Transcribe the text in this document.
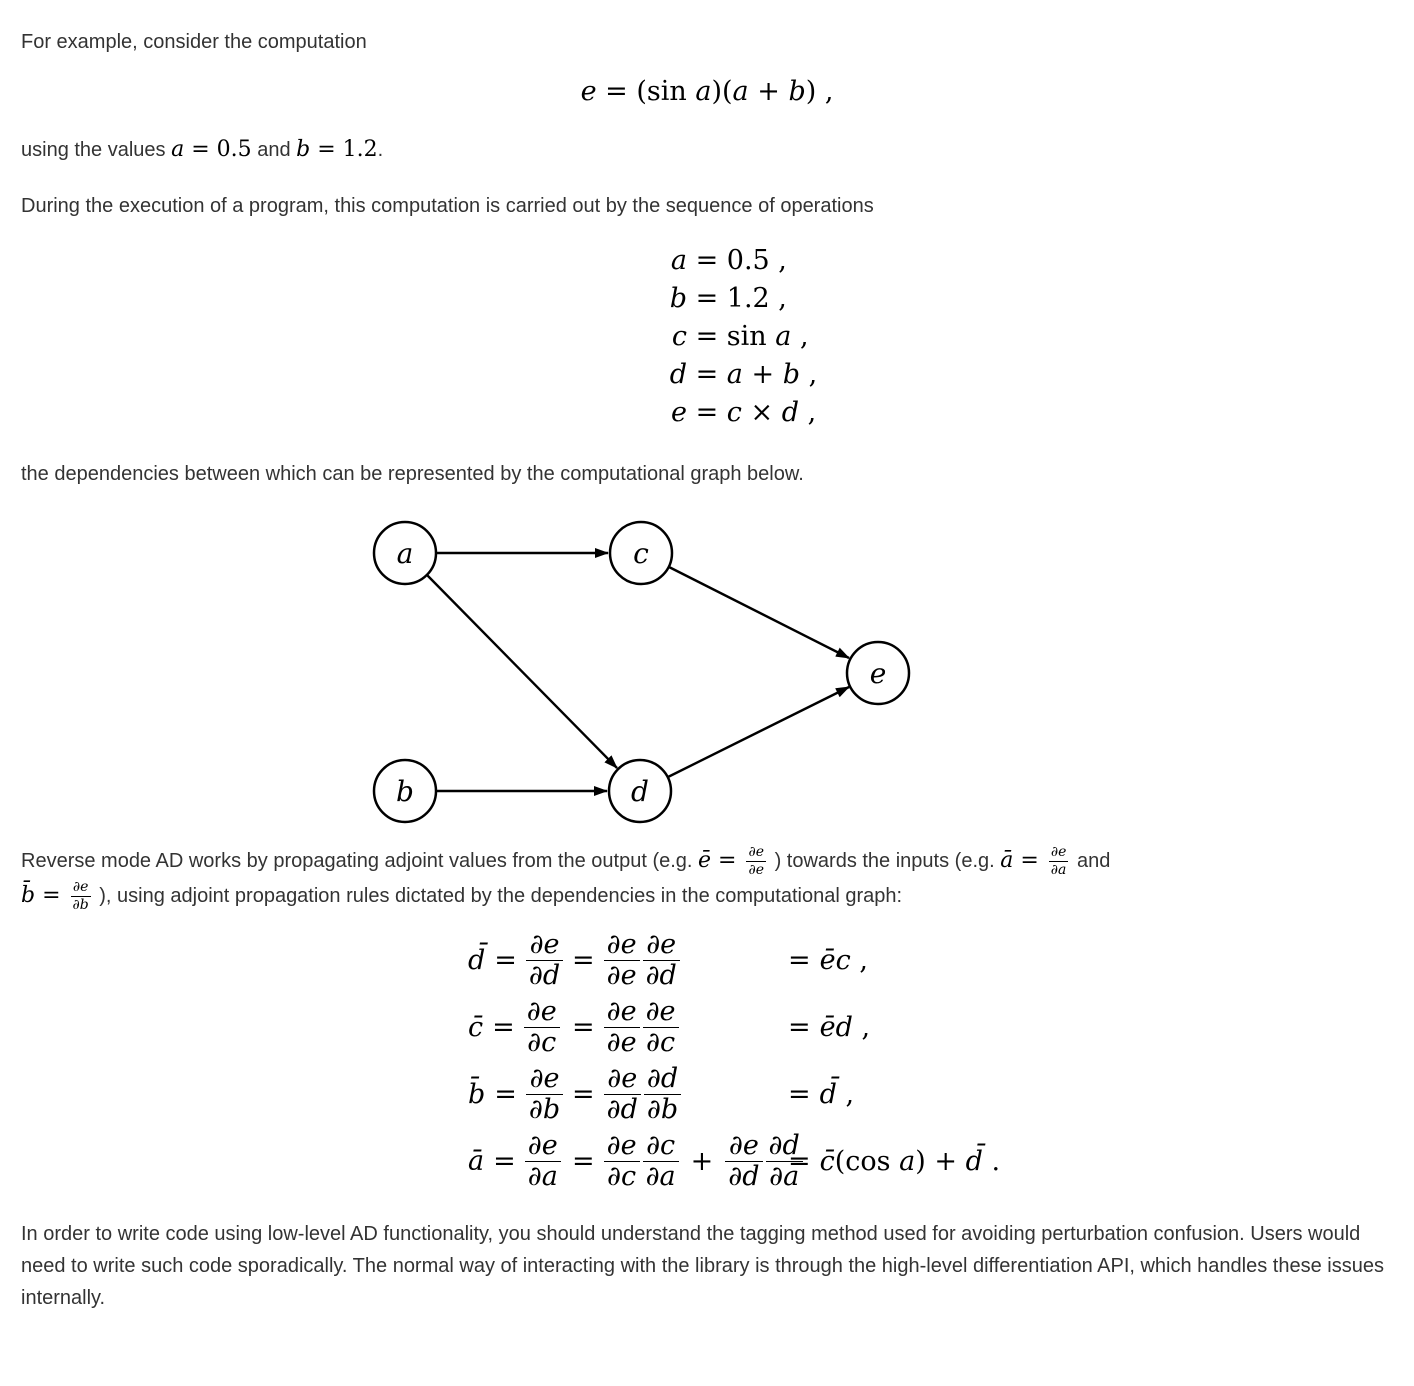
For example, consider the computation

e = (sin a)(a + b) ,

using the values a = 0.5 and b = 1.2.

During the execution of a program, this computation is carried out by the sequence of operations

a = 0.5 ,
b = 1.2 ,
c = sin a ,
d = a + b ,
e = c × d ,

the dependencies between which can be represented by the computational graph below.

a	c
e
b	d

Reverse mode AD works by propagating adjoint values from the output (e.g. ē = $\frac{\partial e}{\partial e}$ ) towards the inputs (e.g. ā = $\frac{\partial e}{\partial a}$ and
b̄ = $\frac{\partial e}{\partial b}$ ), using adjoint propagation rules dictated by the dependencies in the computational graph:

d̄ = $\frac{\partial e}{\partial d} = \frac{\partial e}{\partial e} \frac{\partial e}{\partial d}$	= ēc ,
c̄ = $\frac{\partial e}{\partial c} = \frac{\partial e}{\partial e} \frac{\partial e}{\partial c}$	= ēd ,
b̄ = $\frac{\partial e}{\partial b} = \frac{\partial e}{\partial d} \frac{\partial d}{\partial b}$	= d̄ ,
ā = $\frac{\partial e}{\partial a} = \frac{\partial e}{\partial c} \frac{\partial c}{\partial a} + \frac{\partial e}{\partial d} \frac{\partial d}{\partial a}$
= c̄(cos a) + d̄ .

In order to write code using low-level AD functionality, you should understand the tagging method used for avoiding perturbation confusion. Users would need to write such code sporadically. The normal way of interacting with the library is through the high-level differentiation API, which handles these issues internally.
